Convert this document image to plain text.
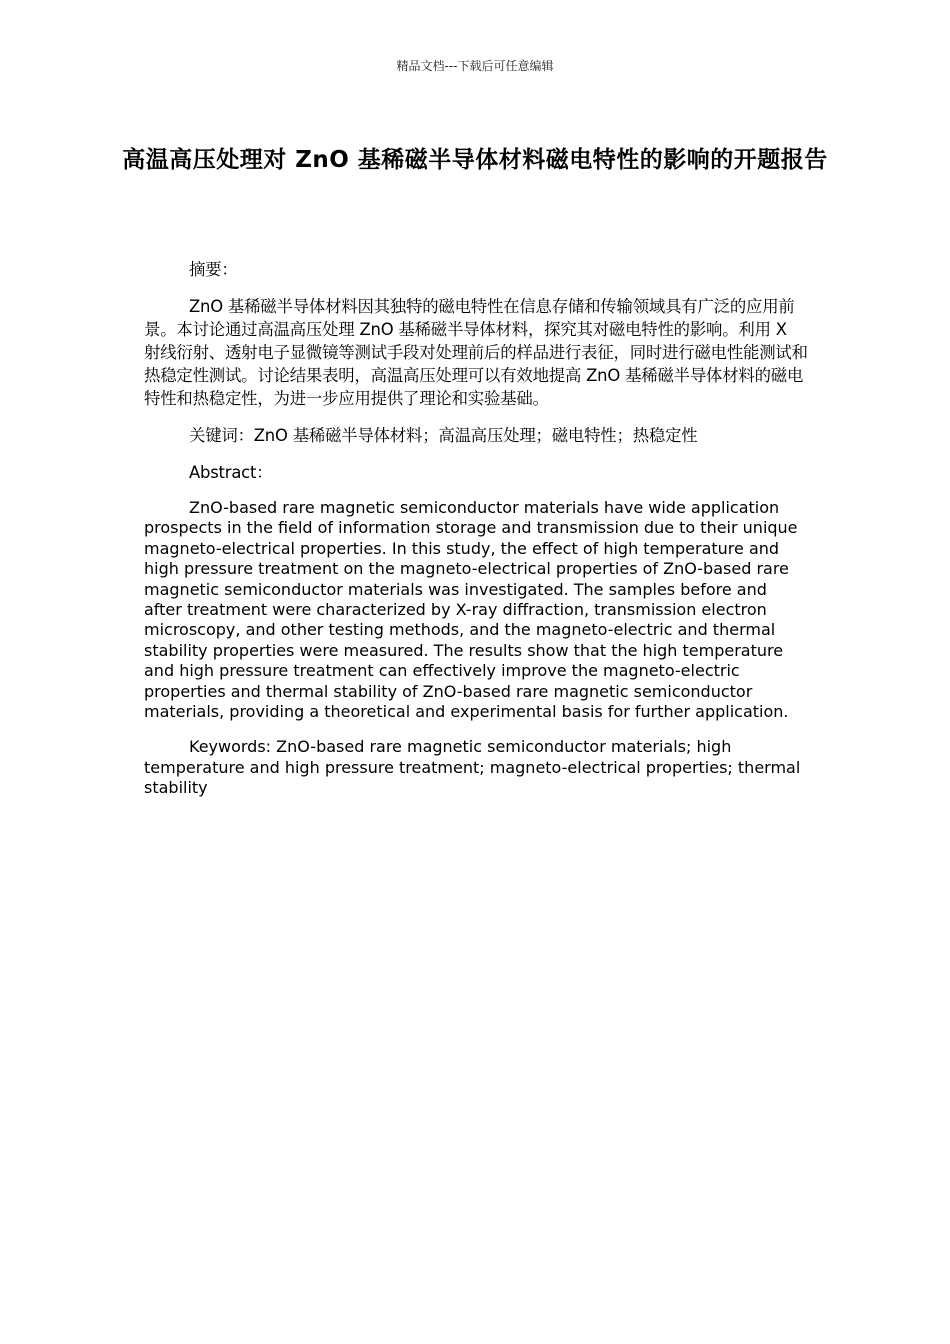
精品文档---下载后可任意编辑
高温高压处理对 ZnO 基稀磁半导体材料磁电特性的影响的开题报告

摘要：

ZnO 基稀磁半导体材料因其独特的磁电特性在信息存储和传输领域具有广泛的应用前景。本讨论通过高温高压处理 ZnO 基稀磁半导体材料，探究其对磁电特性的影响。利用 X 射线衍射、透射电子显微镜等测试手段对处理前后的样品进行表征，同时进行磁电性能测试和热稳定性测试。讨论结果表明，高温高压处理可以有效地提高 ZnO 基稀磁半导体材料的磁电特性和热稳定性，为进一步应用提供了理论和实验基础。

关键词：ZnO 基稀磁半导体材料；高温高压处理；磁电特性；热稳定性

Abstract：

ZnO-based rare magnetic semiconductor materials have wide application prospects in the field of information storage and transmission due to their unique magneto-electrical properties. In this study, the effect of high temperature and high pressure treatment on the magneto-electrical properties of ZnO-based rare magnetic semiconductor materials was investigated. The samples before and after treatment were characterized by X-ray diffraction, transmission electron microscopy, and other testing methods, and the magneto-electric and thermal stability properties were measured. The results show that the high temperature and high pressure treatment can effectively improve the magneto-electric properties and thermal stability of ZnO-based rare magnetic semiconductor materials, providing a theoretical and experimental basis for further application.

Keywords: ZnO-based rare magnetic semiconductor materials; high temperature and high pressure treatment; magneto-electrical properties; thermal stability
